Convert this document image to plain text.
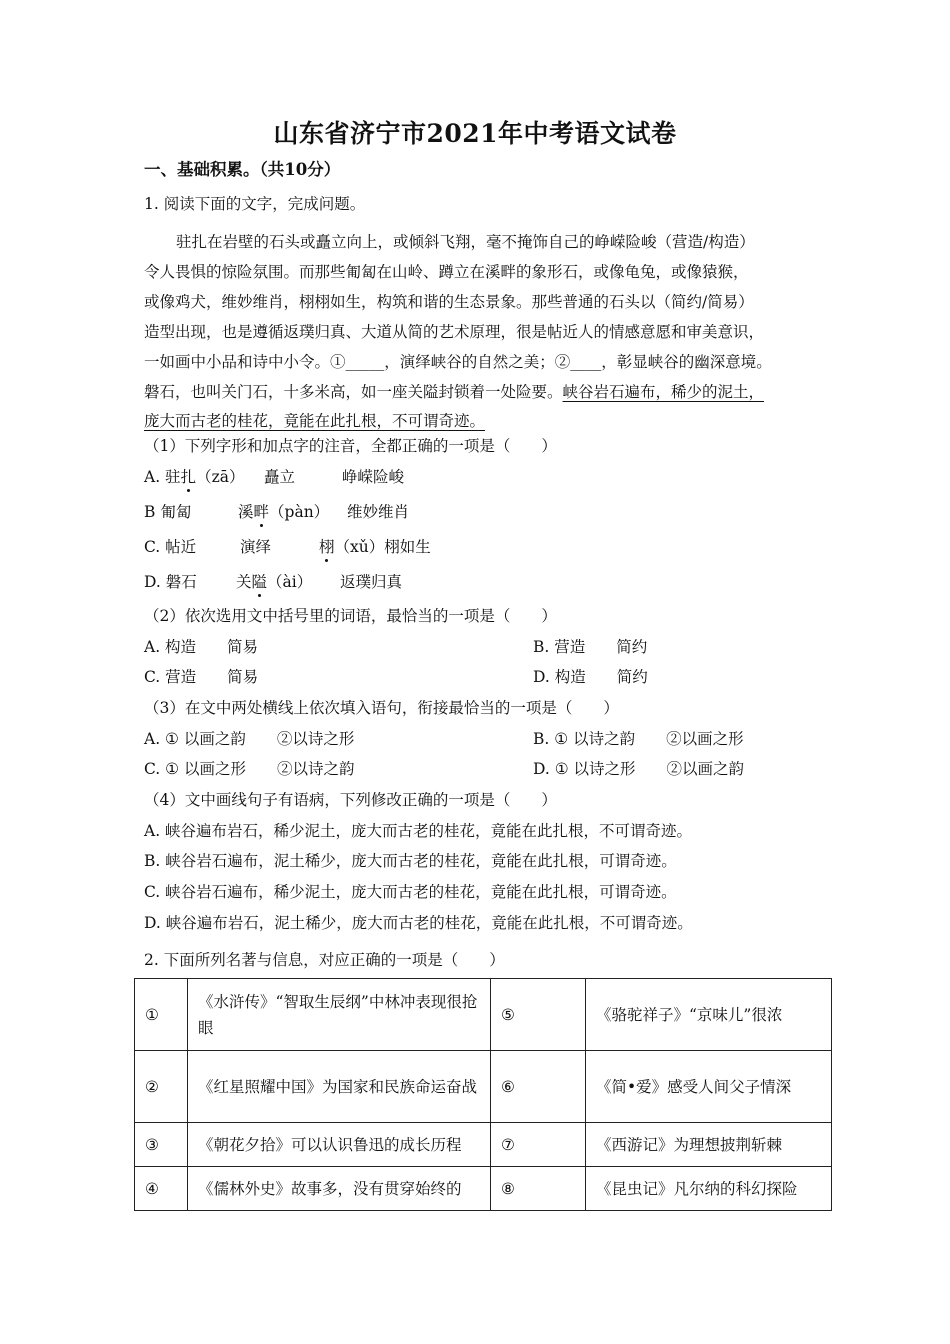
山东省济宁市2021年中考语文试卷
一、基础积累。（共10分）
1. 阅读下面的文字，完成问题。
驻扎在岩壁的石头或矗立向上，或倾斜飞翔，毫不掩饰自己的峥嵘险峻（营造/构造）
令人畏惧的惊险氛围。而那些匍匐在山岭、蹲立在溪畔的象形石，或像龟兔，或像猿猴，
或像鸡犬，维妙维肖，栩栩如生，构筑和谐的生态景象。那些普通的石头以（简约/简易）
造型出现，也是遵循返璞归真、大道从简的艺术原理，很是帖近人的情感意愿和审美意识，
一如画中小品和诗中小令。①_____，演绎峡谷的自然之美；②____，彰显峡谷的幽深意境。
磐石，也叫关门石，十多米高，如一座关隘封锁着一处险要。峡谷岩石遍布，稀少的泥土，
庞大而古老的桂花，竟能在此扎根，不可谓奇迹。
（1）下列字形和加点字的注音，全都正确的一项是（　　）
A. 驻扎（zā） 矗立	峥嵘险峻
B 匍匐	溪畔（pàn） 维妙维肖
C. 帖近	演绎	栩（xǔ）栩如生
D. 磐石	关隘（ài） 返璞归真
（2）依次选用文中括号里的词语，最恰当的一项是（　　）
A. 构造　　简易	B. 营造　　简约
C. 营造　　简易	D. 构造　　简约
（3）在文中两处横线上依次填入语句，衔接最恰当的一项是（　　）
A. ① 以画之韵　　②以诗之形	B. ① 以诗之韵　　②以画之形
C. ① 以画之形　　②以诗之韵	D. ① 以诗之形　　②以画之韵
（4）文中画线句子有语病，下列修改正确的一项是（　　）
A. 峡谷遍布岩石，稀少泥土，庞大而古老的桂花，竟能在此扎根，不可谓奇迹。
B. 峡谷岩石遍布，泥土稀少，庞大而古老的桂花，竟能在此扎根，可谓奇迹。
C. 峡谷岩石遍布，稀少泥土，庞大而古老的桂花，竟能在此扎根，可谓奇迹。
D. 峡谷遍布岩石，泥土稀少，庞大而古老的桂花，竟能在此扎根，不可谓奇迹。
2. 下面所列名著与信息，对应正确的一项是（　　）
①	《水浒传》“智取生辰纲”中林冲表现很抢眼	⑤	《骆驼祥子》“京味儿”很浓
②	《红星照耀中国》为国家和民族命运奋战	⑥	《简•爱》感受人间父子情深
③	《朝花夕拾》可以认识鲁迅的成长历程	⑦	《西游记》为理想披荆斩棘
④	《儒林外史》故事多，没有贯穿始终的	⑧	《昆虫记》凡尔纳的科幻探险
